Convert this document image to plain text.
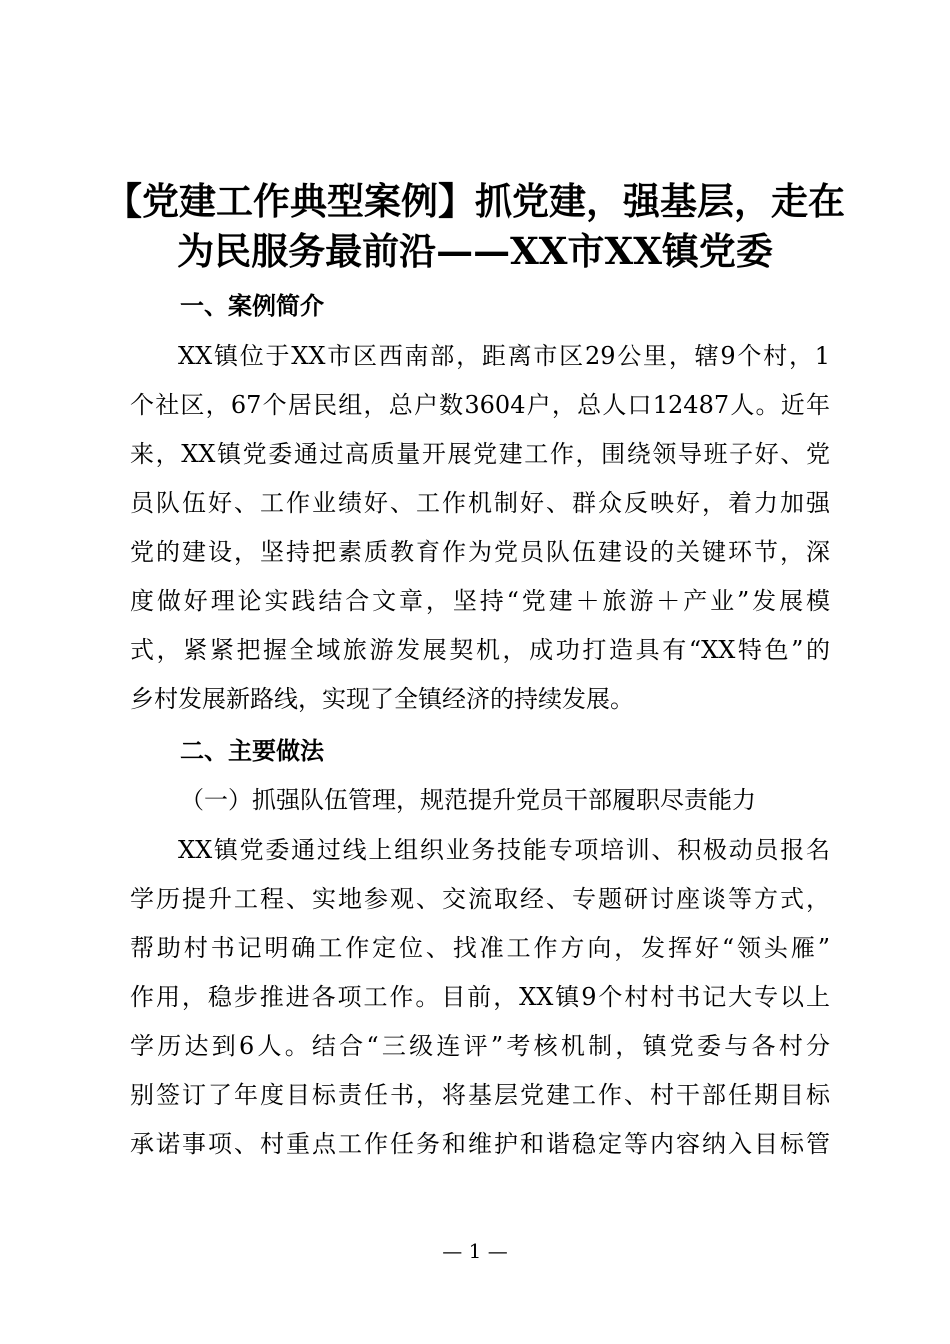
【党建工作典型案例】抓党建，强基层，走在
为民服务最前沿——XX市XX镇党委
一、案例简介
XX镇位于XX市区西南部，距离市区29公里，辖9个村，1
个社区，67个居民组，总户数3604户，总人口12487人。近年
来，XX镇党委通过高质量开展党建工作，围绕领导班子好、党
员队伍好、工作业绩好、工作机制好、群众反映好，着力加强
党的建设，坚持把素质教育作为党员队伍建设的关键环节，深
度做好理论实践结合文章，坚持“党建＋旅游＋产业”发展模
式，紧紧把握全域旅游发展契机，成功打造具有“XX特色”的
乡村发展新路线，实现了全镇经济的持续发展。
二、主要做法
（一）抓强队伍管理，规范提升党员干部履职尽责能力
XX镇党委通过线上组织业务技能专项培训、积极动员报名
学历提升工程、实地参观、交流取经、专题研讨座谈等方式，
帮助村书记明确工作定位、找准工作方向，发挥好“领头雁”
作用，稳步推进各项工作。目前，XX镇9个村村书记大专以上
学历达到6人。结合“三级连评”考核机制，镇党委与各村分
别签订了年度目标责任书，将基层党建工作、村干部任期目标
承诺事项、村重点工作任务和维护和谐稳定等内容纳入目标管
— 1 —
